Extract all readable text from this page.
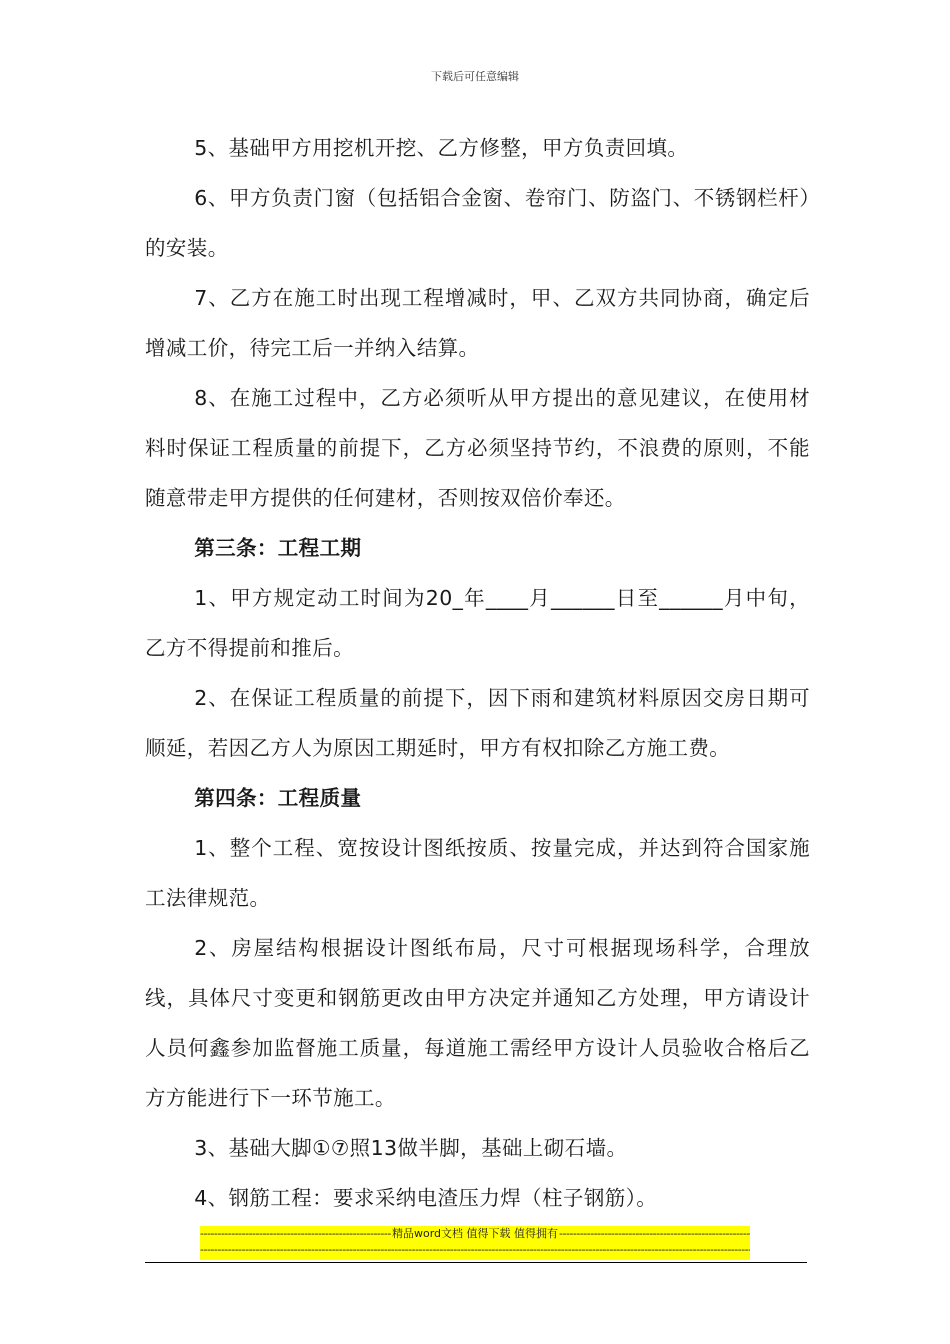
下载后可任意编辑

5、基础甲方用挖机开挖、乙方修整，甲方负责回填。

6、甲方负责门窗（包括铝合金窗、卷帘门、防盗门、不锈钢栏杆）的安装。

7、乙方在施工时出现工程增减时，甲、乙双方共同协商，确定后增减工价，待完工后一并纳入结算。

8、在施工过程中，乙方必须听从甲方提出的意见建议，在使用材料时保证工程质量的前提下，乙方必须坚持节约，不浪费的原则，不能随意带走甲方提供的任何建材，否则按双倍价奉还。

第三条：工程工期

1、甲方规定动工时间为20_年____月______日至______月中旬，乙方不得提前和推后。

2、在保证工程质量的前提下，因下雨和建筑材料原因交房日期可顺延，若因乙方人为原因工期延时，甲方有权扣除乙方施工费。

第四条：工程质量

1、整个工程、宽按设计图纸按质、按量完成，并达到符合国家施工法律规范。

2、房屋结构根据设计图纸布局，尺寸可根据现场科学，合理放线，具体尺寸变更和钢筋更改由甲方决定并通知乙方处理，甲方请设计人员何鑫参加监督施工质量，每道施工需经甲方设计人员验收合格后乙方方能进行下一环节施工。

3、基础大脚①⑦照13做半脚，基础上砌石墙。

4、钢筋工程：要求采纳电渣压力焊（柱子钢筋）。

-----
精品word文档 值得下载 值得拥有
-----
-----
